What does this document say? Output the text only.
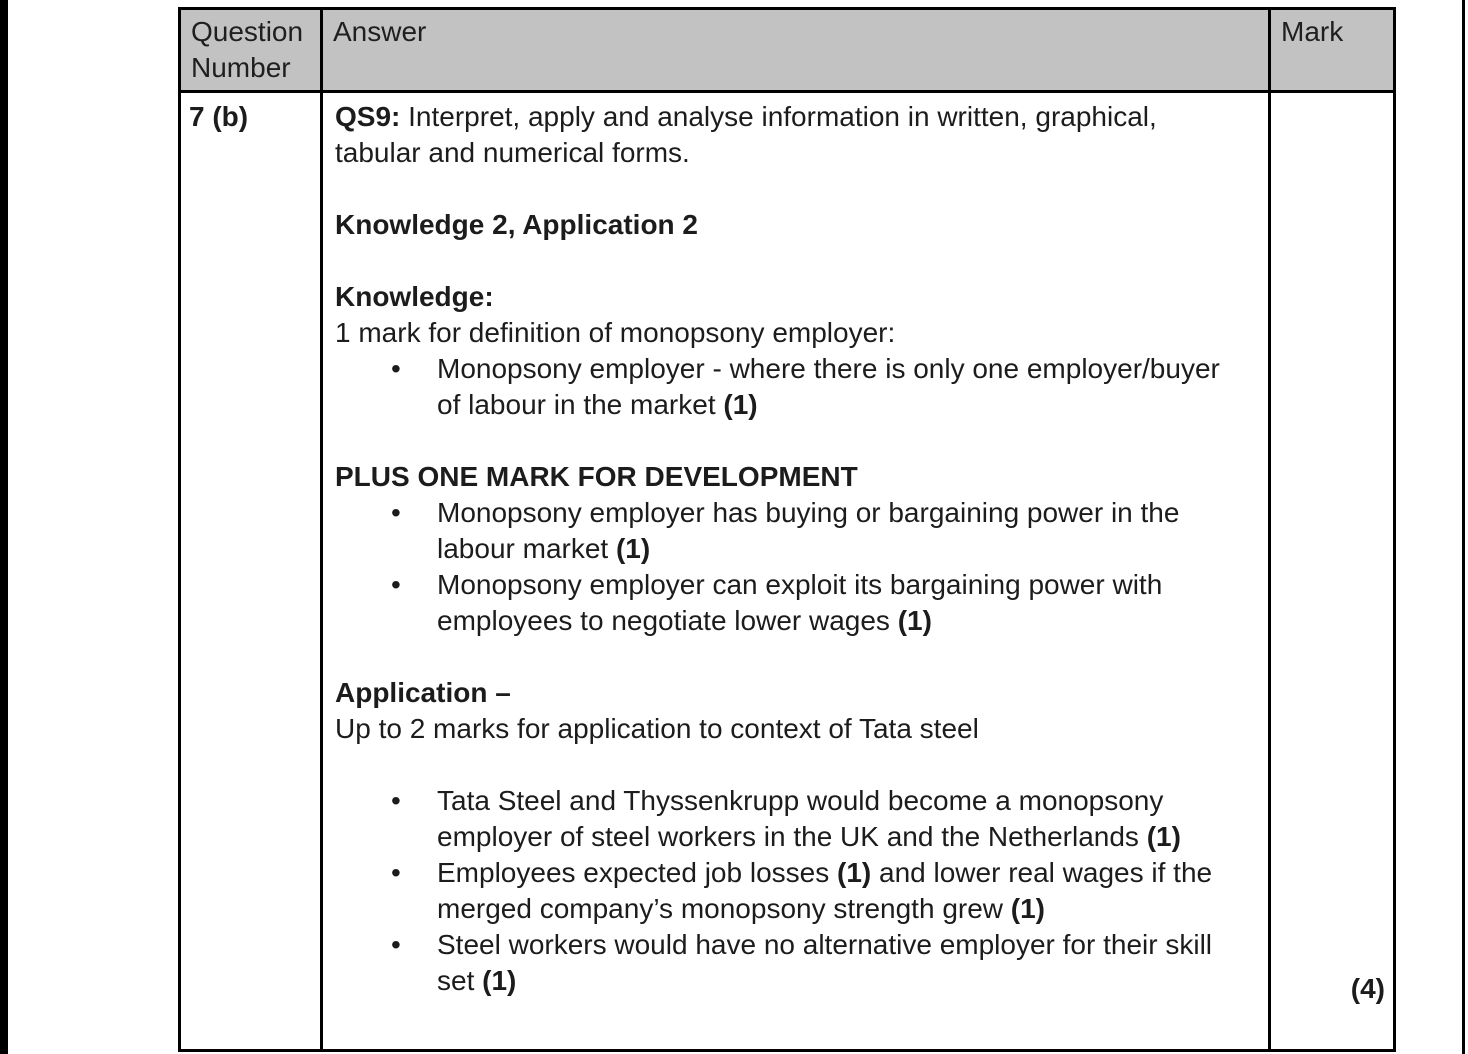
Question Number	Answer	Mark
7 (b)	QS9: Interpret, apply and analyse information in written, graphical, tabular and numerical forms.
Knowledge 2, Application 2
Knowledge:
1 mark for definition of monopsony employer:
• Monopsony employer - where there is only one employer/buyer of labour in the market (1)
PLUS ONE MARK FOR DEVELOPMENT
• Monopsony employer has buying or bargaining power in the labour market (1)
• Monopsony employer can exploit its bargaining power with employees to negotiate lower wages (1)
Application –
Up to 2 marks for application to context of Tata steel
• Tata Steel and Thyssenkrupp would become a monopsony employer of steel workers in the UK and the Netherlands (1)
• Employees expected job losses (1) and lower real wages if the merged company’s monopsony strength grew (1)
• Steel workers would have no alternative employer for their skill set (1)	(4)
